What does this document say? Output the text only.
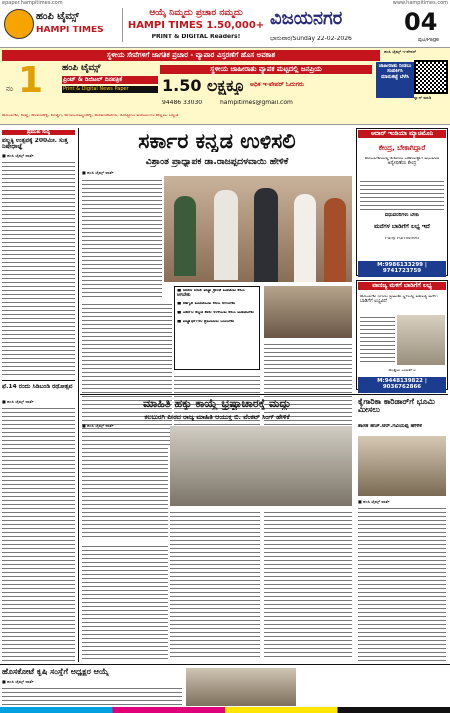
epaper.hampitimes.com	www.hampitimes.com
ಹಂಪಿ ಟೈಮ್ಸ್
HAMPI TIMES
ಆಯ್ಕೆ ನಿಮ್ಮದು ಪ್ರಚಾರ ನಮ್ಮದು
HAMPI TIMES 1.50,000+
PRINT & DIGITAL Readers!
ವಿಜಯನಗರ
ಭಾನುವಾರ/Sunday 22-02-2026
04
ಪುಟ/Page
ಸ್ಥಳೀಯ ಸೇವೆಗಳಿಗೆ ಜಾಗತಿಕ ಪ್ರಚಾರ - ವ್ಯಾಪಾರ ವಿಸ್ತರಣೆಗೆ ಹೊಸ ಅವಕಾಶ
ನಂ 1 ಹಂಪಿ ಟೈಮ್ಸ್
ಪ್ರಿಂಟ್ & ಡಿಜಿಟಲ್ ದಿನಪತ್ರಿಕೆ
Print & Digital News Paper
ಸ್ಥಳೀಯ ಜಾಹೀರಾತು ವ್ಯಾಪಕ ಮಟ್ಟದಲ್ಲಿ ಜನಪ್ರಿಯ
1.50 ಲಕ್ಷಕ್ಕೂ ಅಧಿಕ ಇ-ಪೇಪರ್ ಓದುಗರು
94486 33030	hampitimes@gmail.com
ಜಾಹೀರಾತು ನೀಡಲು ಸಂಪರ್ಕಿಸಿ ಮಾರುಕಟ್ಟೆ ಬೆಳೆಸಿ
ಹಂಪಿ ಟೈಮ್ಸ್ ಇ-ಪೇಪರ್
ಸ್ಕ್ಯಾನ್ ಮಾಡಿ
ಹೊಸಪೇಟೆ, ಕಂಪ್ಲಿ, ಹರಪನಹಳ್ಳಿ, ಕೂಡ್ಲಿಗಿ, ಹಗರಿಬೊಮ್ಮನಹಳ್ಳಿ, ಹೂವಿನಹಡಗಲಿ, ಕೊಟ್ಟೂರು ವಿಜಯನಗರ ಜಿಲ್ಲೆಯ ಎಲ್ಲೆಡೆ
ಪ್ರಮುಖ ಸುದ್ದಿ
ಪಲ್ಲಕ್ಕಿ ಉತ್ಸವಕ್ಕೆ 200ಮೀ. ಸುತ್ತ ನಿಷೇಧಾಜ್ಞೆ
■ ಹಂಪಿ ಟೈಮ್ಸ್ ವಾರ್ತೆ
ಫೆ.14 ರಂದು ಸಿಡಿಬಂಡಿ ರಥೋತ್ಸವ
■ ಹಂಪಿ ಟೈಮ್ಸ್ ವಾರ್ತೆ
ಸರ್ಕಾರ ಕನ್ನಡ ಉಳಿಸಲಿ
ವಿಶ್ರಾಂತ ಪ್ರಾಧ್ಯಾಪಕ ಡಾ.ರಾಜಪ್ಪದಳವಾಯಿ ಹೇಳಿಕೆ
■ ಹಂಪಿ ಟೈಮ್ಸ್ ವಾರ್ತೆ
■ ನಾಡಿನ ಜನತೆ ವಿದ್ಯಾ ಕ್ರಾಂತಿ ಮಾಡುವ ಕೆಲಸ ಆಗಬೇಕು
■ ಜಾಗೃತಿ ಮೂಡಿಸುವ ಕೆಲಸ ಆಗಬೇಕು
■ ಸರ್ಕಾರ ಕನ್ನಡ ಶಾಲೆ ಉಳಿಸುವ ಕೆಲಸ ಮಾಡಬೇಕು
■ ವಿದ್ಯಾರ್ಥಿಗಳು ಶ್ರಮದಿಂದ ಓದಬೇಕು
ಆದಾರ್ ಇಂಡಿಯಾ ಮ್ಯಾಚಿಮೊನಿ
ಕೇಂದ್ರ, ಬೇಕಾಗಿದ್ದಾರೆ
ಹೊಸಪೇಟೆಯಲ್ಲಿ ಕುಟುಂಬ ಸಹಾಯಕ್ಕಾಗಿ ವಧುವರರ ಅನ್ವೇಷಣೆಯ ಕೇಂದ್ರ
ವಧುವರರಿಗಳು ಬೇಕು
ಮನೆಗಳ ಬಾಡಿಗೆಗೆ ಲಭ್ಯ ಇದೆ
Fully Furnished
M:9986133299 | 9741723759
ವಾಣಿಜ್ಯ ಮಳಿಗೆ ಬಾಡಿಗೆಗೆ ಲಭ್ಯ
ಹೊಸಪೇಟೆ ನಗರದ ಪ್ರಮುಖ ಸ್ಥಳದಲ್ಲಿ ವಾಣಿಜ್ಯ ಮಳಿಗೆ ಬಾಡಿಗೆಗೆ ಲಭ್ಯವಿದೆ
ಆಸಕ್ತರು ಸಂಪರ್ಕಿಸಿ
M:9448139822 | 9036762866
ಮಾಹಿತಿ ಹಕ್ಕು ಕಾಯ್ದೆ ಭ್ರಷ್ಟಾಚಾರಕ್ಕೆ ಮದ್ದು
ಕಲಬುರಗಿ ಪೀಠದ ರಾಜ್ಯ ಮಾಹಿತಿ ಆಯುಕ್ತ ಬಿ. ವೆಂಕಟ್ ಸಿಂಗ್ ಹೇಳಿಕೆ
■ ಹಂಪಿ ಟೈಮ್ಸ್ ವಾರ್ತೆ
ಕೈಗಾರಿಕಾ ಕಾರಿಡಾರ್‌ಗೆ ಭೂಮಿ ಮೀಸಲು
ಶಾಸಕ ಹೆಚ್.ಆರ್.ಗವಿಯಪ್ಪ ಹೇಳಿಕೆ
■ ಹಂಪಿ ಟೈಮ್ಸ್ ವಾರ್ತೆ
ಹೊಸಕೋಟೆ ಕೃಷಿ ಸಂಸ್ಥೆಗೆ ಅಧ್ಯಕ್ಷರ ಆಯ್ಕೆ
■ ಹಂಪಿ ಟೈಮ್ಸ್ ವಾರ್ತೆ
